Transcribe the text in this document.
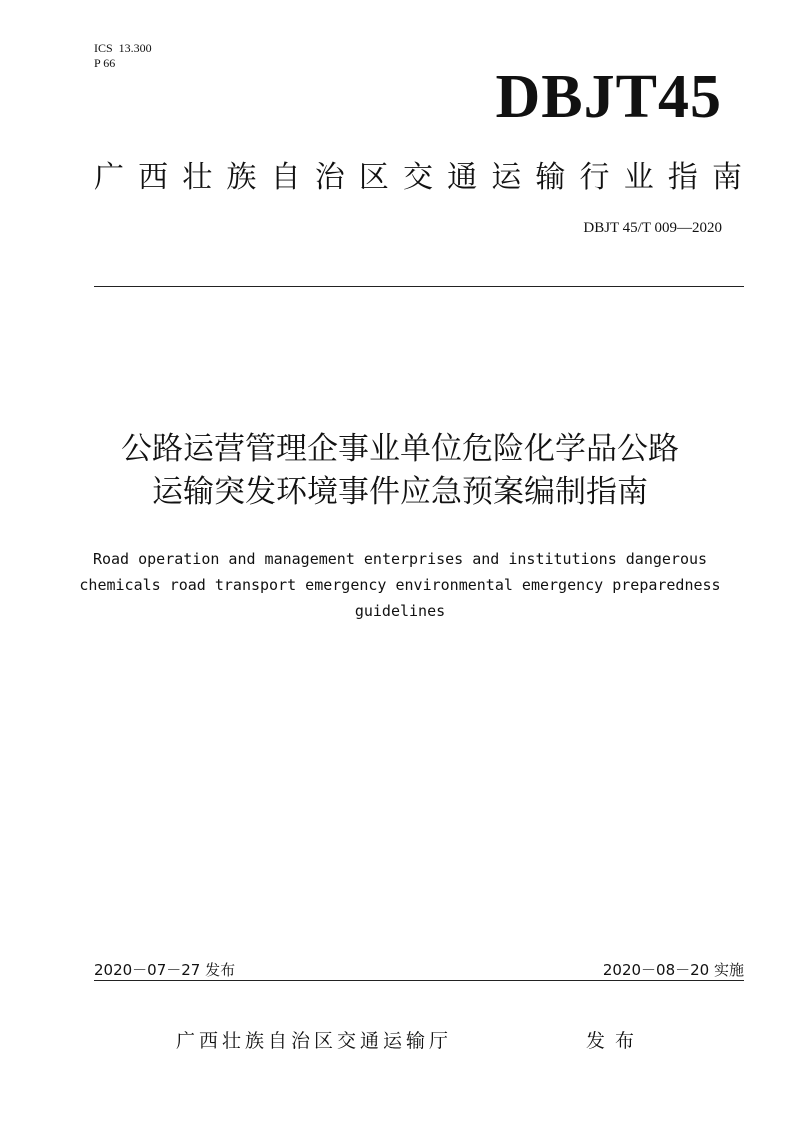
ICS  13.300
P 66	DBJT45
广 西 壮 族 自 治 区 交 通 运 输 行 业 指 南
DBJT 45/T 009—2020
公路运营管理企事业单位危险化学品公路
运输突发环境事件应急预案编制指南
Road operation and management enterprises and institutions dangerous
chemicals road transport emergency environmental emergency preparedness
guidelines
2020－07－27 发布	2020－08－20 实施
广西壮族自治区交通运输厅	发布
